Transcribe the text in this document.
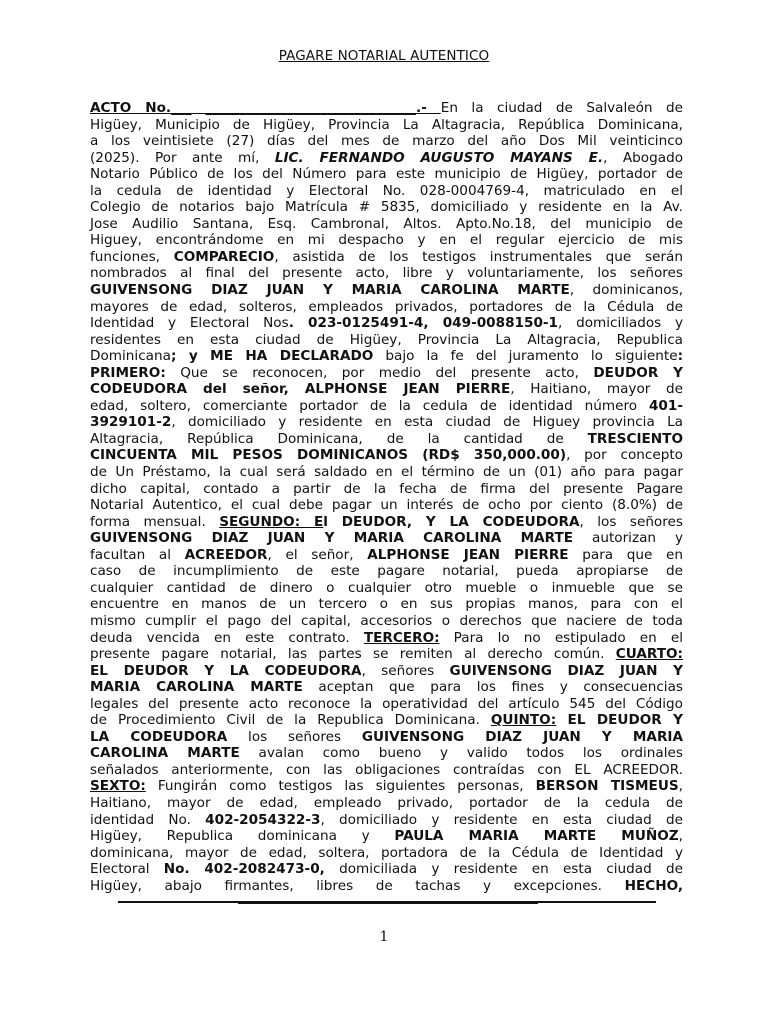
PAGARE NOTARIAL AUTENTICO
ACTO No.___ _______________________________.- En la ciudad de Salvaleón de
Higüey, Municipio de Higüey, Provincia La Altagracia, República Dominicana,
a los veintisiete (27) días del mes de marzo del año Dos Mil veinticinco
(2025). Por ante mí, LIC. FERNANDO AUGUSTO MAYANS E., Abogado
Notario Público de los del Número para este municipio de Higüey, portador de
la cedula de identidad y Electoral No. 028-0004769-4, matriculado en el
Colegio de notarios bajo Matrícula # 5835, domiciliado y residente en la Av.
Jose Audilio Santana, Esq. Cambronal, Altos. Apto.No.18, del municipio de
Higuey, encontrándome en mi despacho y en el regular ejercicio de mis
funciones, COMPARECIO, asistida de los testigos instrumentales que serán
nombrados al final del presente acto, libre y voluntariamente, los señores
GUIVENSONG DIAZ JUAN Y MARIA CAROLINA MARTE, dominicanos,
mayores de edad, solteros, empleados privados, portadores de la Cédula de
Identidad y Electoral Nos. 023-0125491-4, 049-0088150-1, domiciliados y
residentes en esta ciudad de Higüey, Provincia La Altagracia, Republica
Dominicana; y ME HA DECLARADO bajo la fe del juramento lo siguiente:
PRIMERO: Que se reconocen, por medio del presente acto, DEUDOR Y
CODEUDORA del señor, ALPHONSE JEAN PIERRE, Haitiano, mayor de
edad, soltero, comerciante portador de la cedula de identidad número 401-
3929101-2, domiciliado y residente en esta ciudad de Higuey provincia La
Altagracia, República Dominicana, de la cantidad de TRESCIENTO
CINCUENTA MIL PESOS DOMINICANOS (RD$ 350,000.00), por concepto
de Un Préstamo, la cual será saldado en el término de un (01) año para pagar
dicho capital, contado a partir de la fecha de firma del presente Pagare
Notarial Autentico, el cual debe pagar un interés de ocho por ciento (8.0%) de
forma mensual. SEGUNDO: El DEUDOR, Y LA CODEUDORA, los señores
GUIVENSONG DIAZ JUAN Y MARIA CAROLINA MARTE autorizan y
facultan al ACREEDOR, el señor, ALPHONSE JEAN PIERRE para que en
caso de incumplimiento de este pagare notarial, pueda apropiarse de
cualquier cantidad de dinero o cualquier otro mueble o inmueble que se
encuentre en manos de un tercero o en sus propias manos, para con el
mismo cumplir el pago del capital, accesorios o derechos que naciere de toda
deuda vencida en este contrato. TERCERO: Para lo no estipulado en el
presente pagare notarial, las partes se remiten al derecho común. CUARTO:
EL DEUDOR Y LA CODEUDORA, señores GUIVENSONG DIAZ JUAN Y
MARIA CAROLINA MARTE aceptan que para los fines y consecuencias
legales del presente acto reconoce la operatividad del artículo 545 del Código
de Procedimiento Civil de la Republica Dominicana. QUINTO: EL DEUDOR Y
LA CODEUDORA los señores GUIVENSONG DIAZ JUAN Y MARIA
CAROLINA MARTE avalan como bueno y valido todos los ordinales
señalados anteriormente, con las obligaciones contraídas con EL ACREEDOR.
SEXTO: Fungirán como testigos las siguientes personas, BERSON TISMEUS,
Haitiano, mayor de edad, empleado privado, portador de la cedula de
identidad No. 402-2054322-3, domiciliado y residente en esta ciudad de
Higüey, Republica dominicana y PAULA MARIA MARTE MUÑOZ,
dominicana, mayor de edad, soltera, portadora de la Cédula de Identidad y
Electoral No. 402-2082473-0, domiciliada y residente en esta ciudad de
Higüey, abajo firmantes, libres de tachas y excepciones. HECHO,
1
